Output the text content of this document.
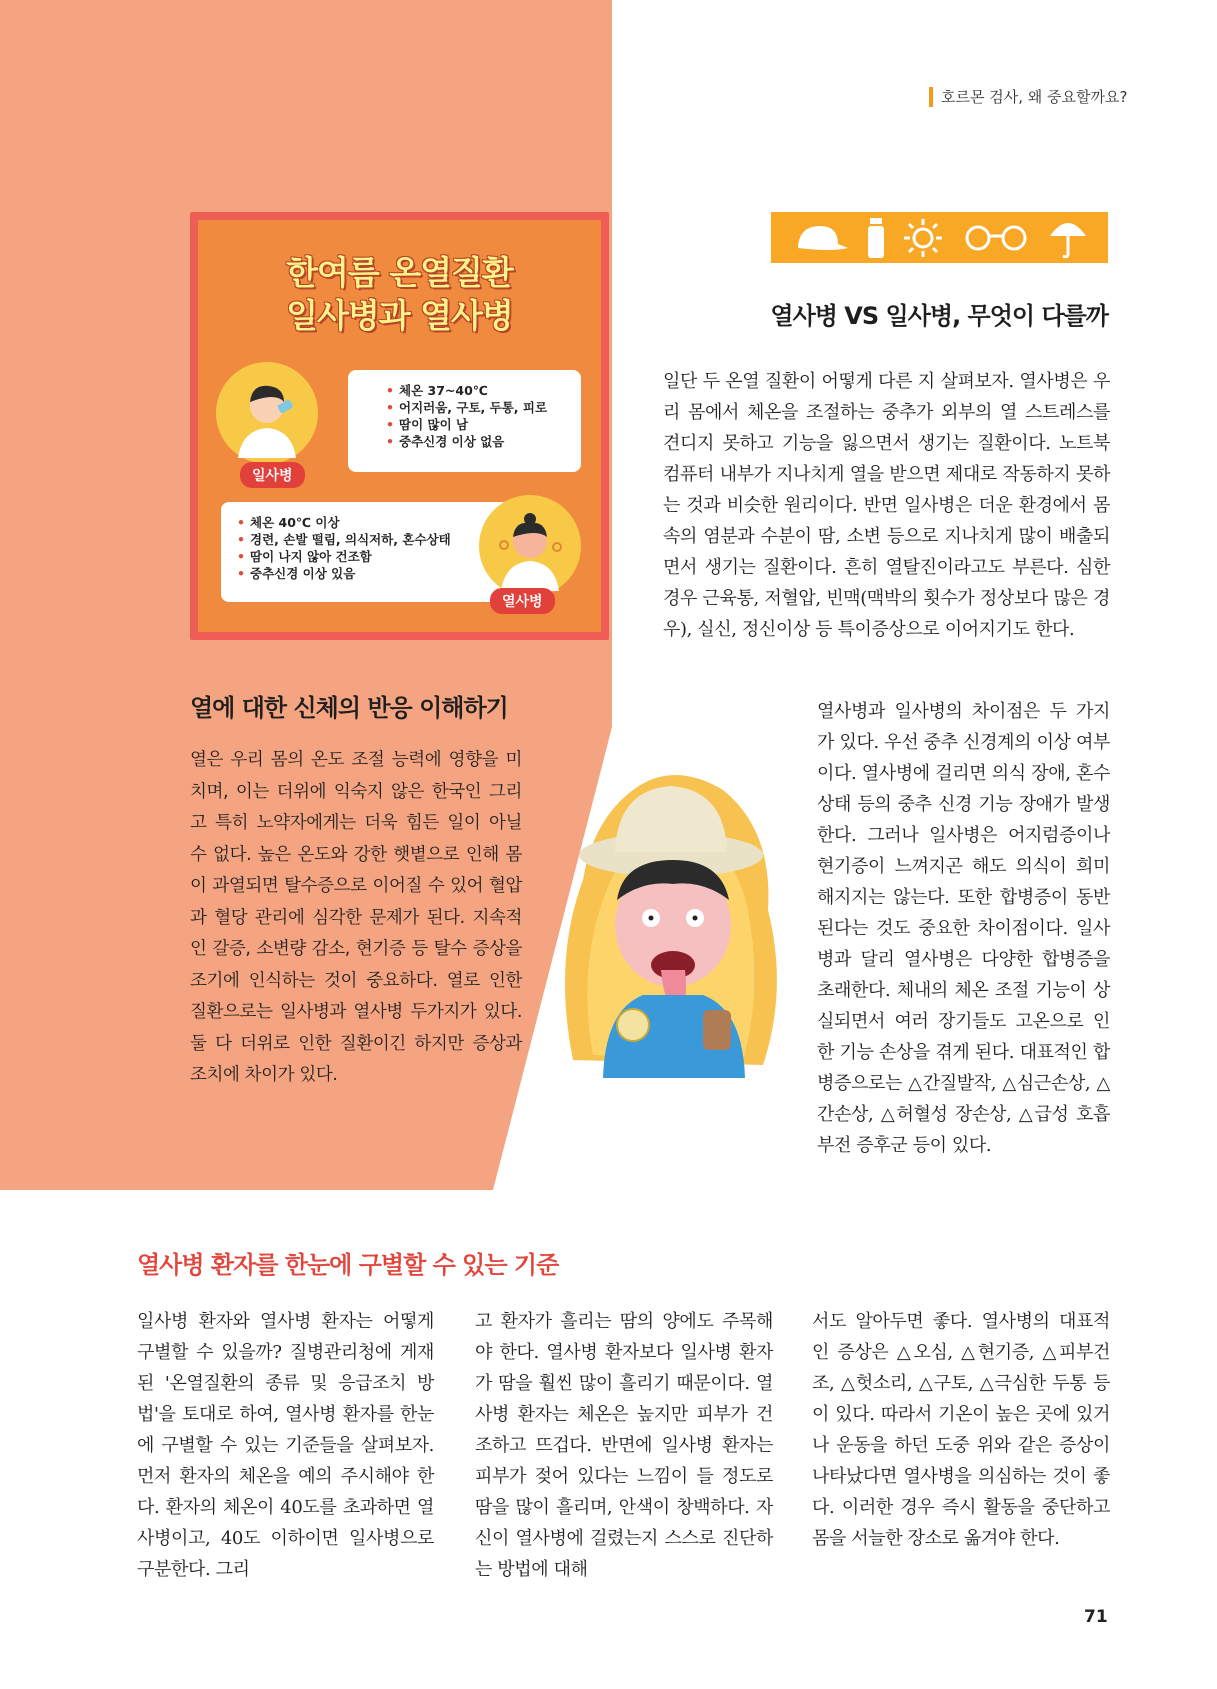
호르몬 검사, 왜 중요할까요?
한여름 온열질환
일사병과 열사병
• 체온 37~40℃
• 어지러움, 구토, 두통, 피로
• 땀이 많이 남
• 중추신경 이상 없음
일사병
• 체온 40℃ 이상
• 경련, 손발 떨림, 의식저하, 혼수상태
• 땀이 나지 않아 건조함
• 중추신경 이상 있음
열사병
열사병 VS 일사병, 무엇이 다를까

일단 두 온열 질환이 어떻게 다른 지 살펴보자. 열사병은 우리 몸에서 체온을 조절하는 중추가 외부의 열 스트레스를 견디지 못하고 기능을 잃으면서 생기는 질환이다. 노트북 컴퓨터 내부가 지나치게 열을 받으면 제대로 작동하지 못하는 것과 비슷한 원리이다. 반면 일사병은 더운 환경에서 몸속의 염분과 수분이 땀, 소변 등으로 지나치게 많이 배출되면서 생기는 질환이다. 흔히 열탈진이라고도 부른다. 심한 경우 근육통, 저혈압, 빈맥(맥박의 횟수가 정상보다 많은 경우), 실신, 정신이상 등 특이증상으로 이어지기도 한다.

열사병과 일사병의 차이점은 두 가지가 있다. 우선 중추 신경계의 이상 여부이다. 열사병에 걸리면 의식 장애, 혼수상태 등의 중추 신경 기능 장애가 발생한다. 그러나 일사병은 어지럼증이나 현기증이 느껴지곤 해도 의식이 희미해지지는 않는다. 또한 합병증이 동반된다는 것도 중요한 차이점이다. 일사병과 달리 열사병은 다양한 합병증을 초래한다. 체내의 체온 조절 기능이 상실되면서 여러 장기들도 고온으로 인한 기능 손상을 겪게 된다. 대표적인 합병증으로는 △간질발작, △심근손상, △간손상, △허혈성 장손상, △급성 호흡부전 증후군 등이 있다.

열에 대한 신체의 반응 이해하기

열은 우리 몸의 온도 조절 능력에 영향을 미치며, 이는 더위에 익숙지 않은 한국인 그리고 특히 노약자에게는 더욱 힘든 일이 아닐 수 없다. 높은 온도와 강한 햇볕으로 인해 몸이 과열되면 탈수증으로 이어질 수 있어 혈압과 혈당 관리에 심각한 문제가 된다. 지속적인 갈증, 소변량 감소, 현기증 등 탈수 증상을 조기에 인식하는 것이 중요하다. 열로 인한 질환으로는 일사병과 열사병 두가지가 있다. 둘 다 더위로 인한 질환이긴 하지만 증상과 조치에 차이가 있다.

열사병 환자를 한눈에 구별할 수 있는 기준

일사병 환자와 열사병 환자는 어떻게 구별할 수 있을까? 질병관리청에 게재된 '온열질환의 종류 및 응급조치 방법'을 토대로 하여, 열사병 환자를 한눈에 구별할 수 있는 기준들을 살펴보자. 먼저 환자의 체온을 예의 주시해야 한다. 환자의 체온이 40도를 초과하면 열사병이고, 40도 이하이면 일사병으로 구분한다. 그리

고 환자가 흘리는 땀의 양에도 주목해야 한다. 열사병 환자보다 일사병 환자가 땀을 훨씬 많이 흘리기 때문이다. 열사병 환자는 체온은 높지만 피부가 건조하고 뜨겁다. 반면에 일사병 환자는 피부가 젖어 있다는 느낌이 들 정도로 땀을 많이 흘리며, 안색이 창백하다. 자신이 열사병에 걸렸는지 스스로 진단하는 방법에 대해

서도 알아두면 좋다. 열사병의 대표적인 증상은 △오심, △현기증, △피부건조, △헛소리, △구토, △극심한 두통 등이 있다. 따라서 기온이 높은 곳에 있거나 운동을 하던 도중 위와 같은 증상이 나타났다면 열사병을 의심하는 것이 좋다. 이러한 경우 즉시 활동을 중단하고 몸을 서늘한 장소로 옮겨야 한다.

71
